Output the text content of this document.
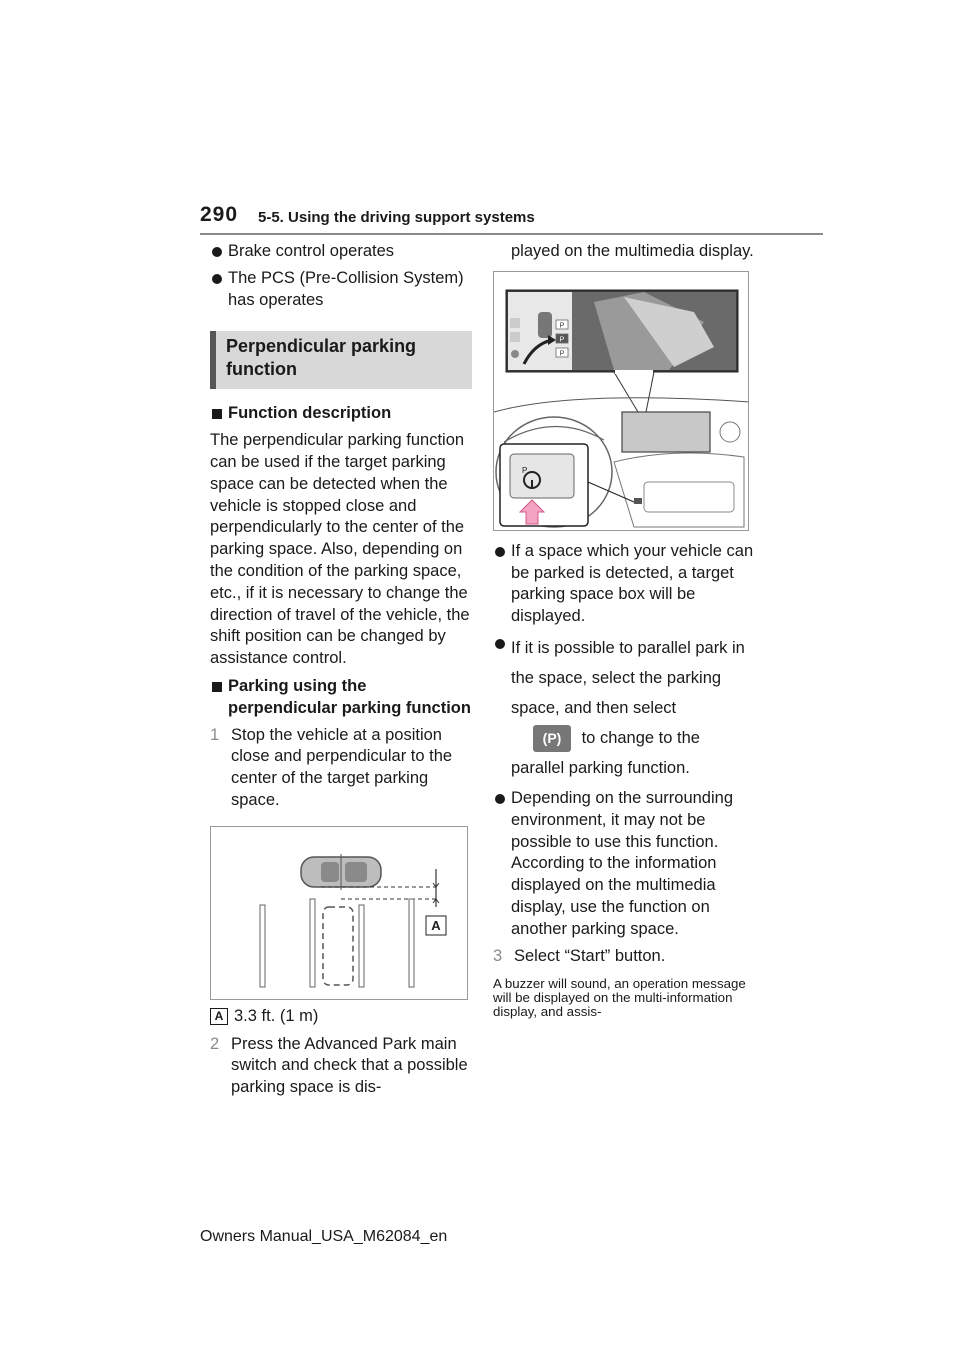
290 5-5. Using the driving support systems
Brake control operates
The PCS (Pre-Collision System) has operates
Perpendicular parking function
Function description
The perpendicular parking function can be used if the target parking space can be detected when the vehicle is stopped close and perpendicularly to the center of the parking space. Also, depending on the condition of the parking space, etc., if it is necessary to change the direction of travel of the vehicle, the shift position can be changed by assistance control.
Parking using the perpendicular parking function
1 Stop the vehicle at a position close and perpendicular to the center of the target parking space.
A
A 3.3 ft. (1 m)
2 Press the Advanced Park main switch and check that a possible parking space is dis-
played on the multimedia display.
P
P
P
P
If a space which your vehicle can be parked is detected, a target parking space box will be displayed.
If it is possible to parallel park in the space, select the parking space, and then select
(P) to change to the parallel parking function.
Depending on the surrounding environment, it may not be possible to use this function. According to the information displayed on the multimedia display, use the function on another parking space.
3 Select “Start” button.
A buzzer will sound, an operation message will be displayed on the multi-information display, and assis-
Owners Manual_USA_M62084_en
